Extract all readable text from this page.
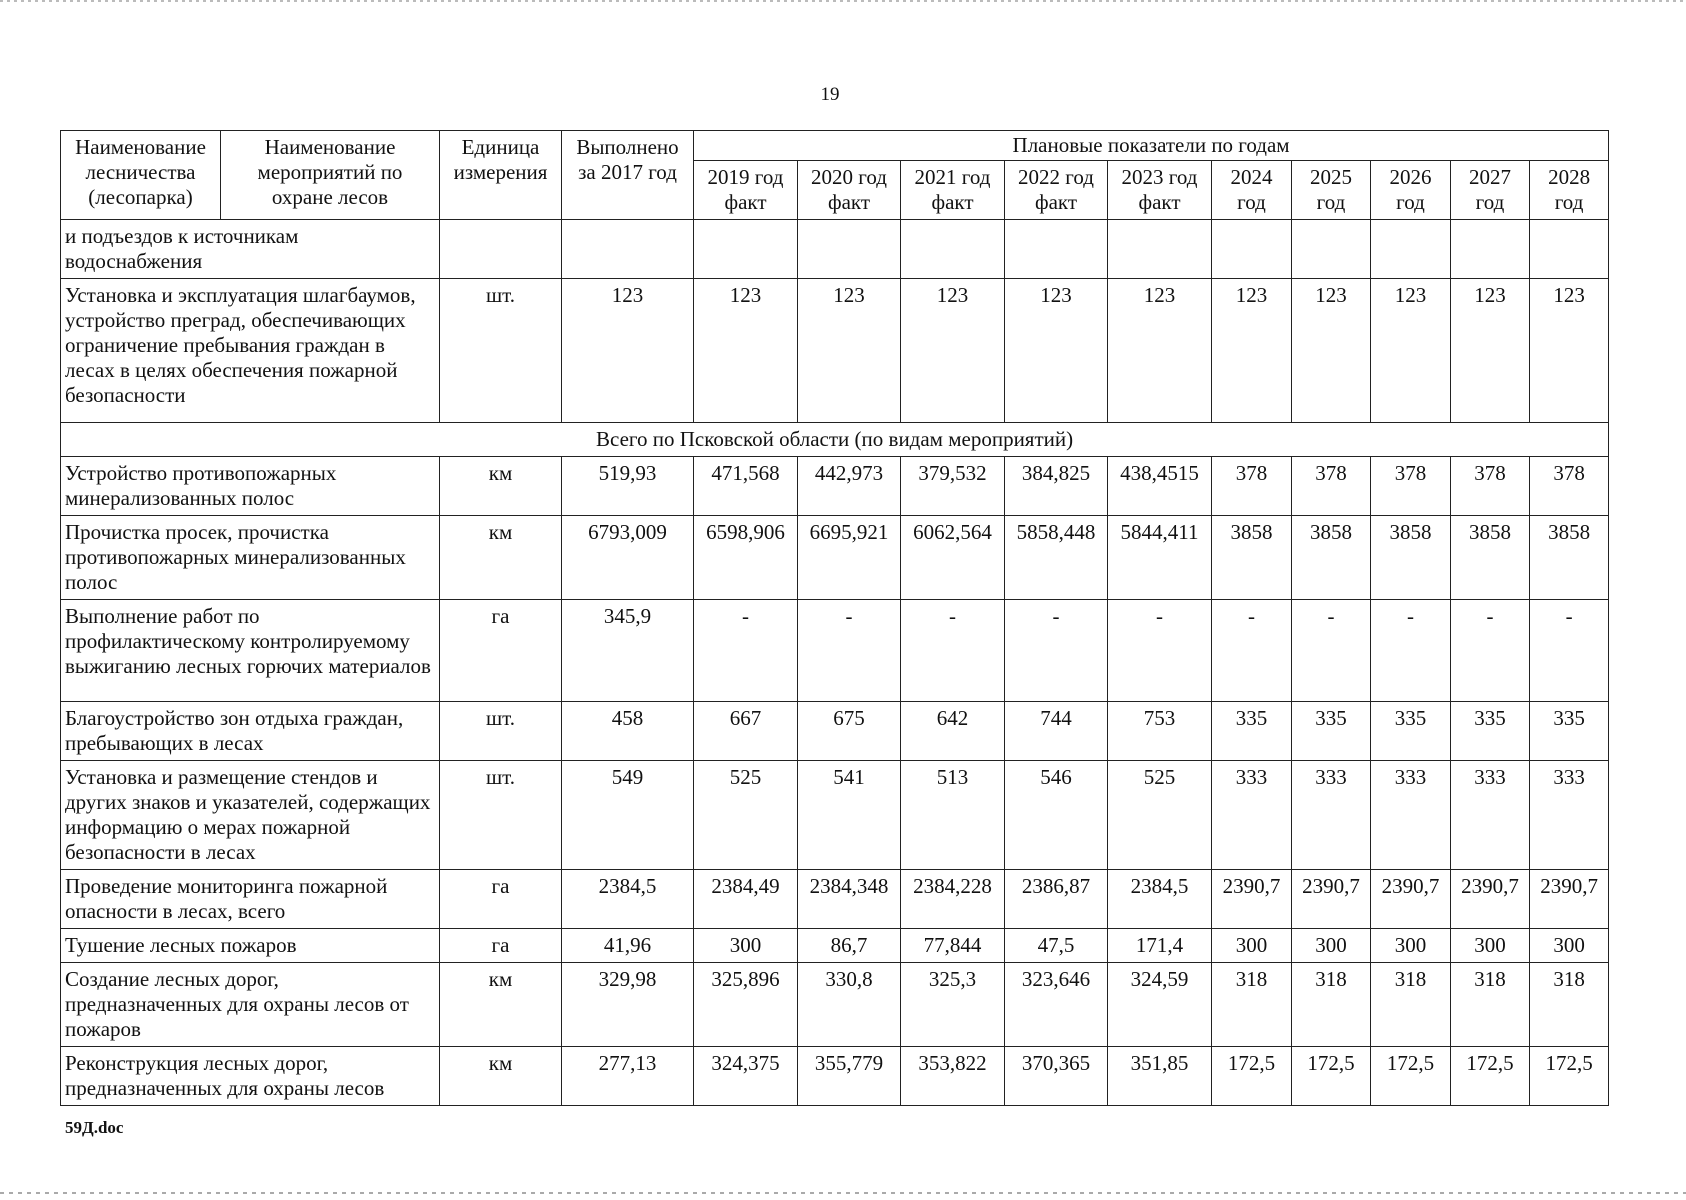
19
Наименование лесничества (лесопарка)	Наименование мероприятий по охране лесов	Единица измерения	Выполнено за 2017 год	Плановые показатели по годам									
				2019 год факт	2020 год факт	2021 год факт	2022 год факт	2023 год факт	2024 год	2025 год	2026 год	2027 год	2028 год
и подъездов к источникам водоснабжения													
Установка и эксплуатация шлагбаумов, устройство преград, обеспечивающих ограничение пребывания граждан в лесах в целях обеспечения пожарной безопасности		шт.	123	123	123	123	123	123	123	123	123	123	123
Всего по Псковской области (по видам мероприятий)													
Устройство противопожарных минерализованных полос		км	519,93	471,568	442,973	379,532	384,825	438,4515	378	378	378	378	378
Прочистка просек, прочистка противопожарных минерализованных полос		км	6793,009	6598,906	6695,921	6062,564	5858,448	5844,411	3858	3858	3858	3858	3858
Выполнение работ по профилактическому контролируемому выжиганию лесных горючих материалов		га	345,9	-	-	-	-	-	-	-	-	-	-
Благоустройство зон отдыха граждан, пребывающих в лесах		шт.	458	667	675	642	744	753	335	335	335	335	335
Установка и размещение стендов и других знаков и указателей, содержащих информацию о мерах пожарной безопасности в лесах		шт.	549	525	541	513	546	525	333	333	333	333	333
Проведение мониторинга пожарной опасности в лесах, всего		га	2384,5	2384,49	2384,348	2384,228	2386,87	2384,5	2390,7	2390,7	2390,7	2390,7	2390,7
Тушение лесных пожаров		га	41,96	300	86,7	77,844	47,5	171,4	300	300	300	300	300
Создание лесных дорог, предназначенных для охраны лесов от пожаров		км	329,98	325,896	330,8	325,3	323,646	324,59	318	318	318	318	318
Реконструкция лесных дорог, предназначенных для охраны лесов		км	277,13	324,375	355,779	353,822	370,365	351,85	172,5	172,5	172,5	172,5	172,5
59Д.doc
